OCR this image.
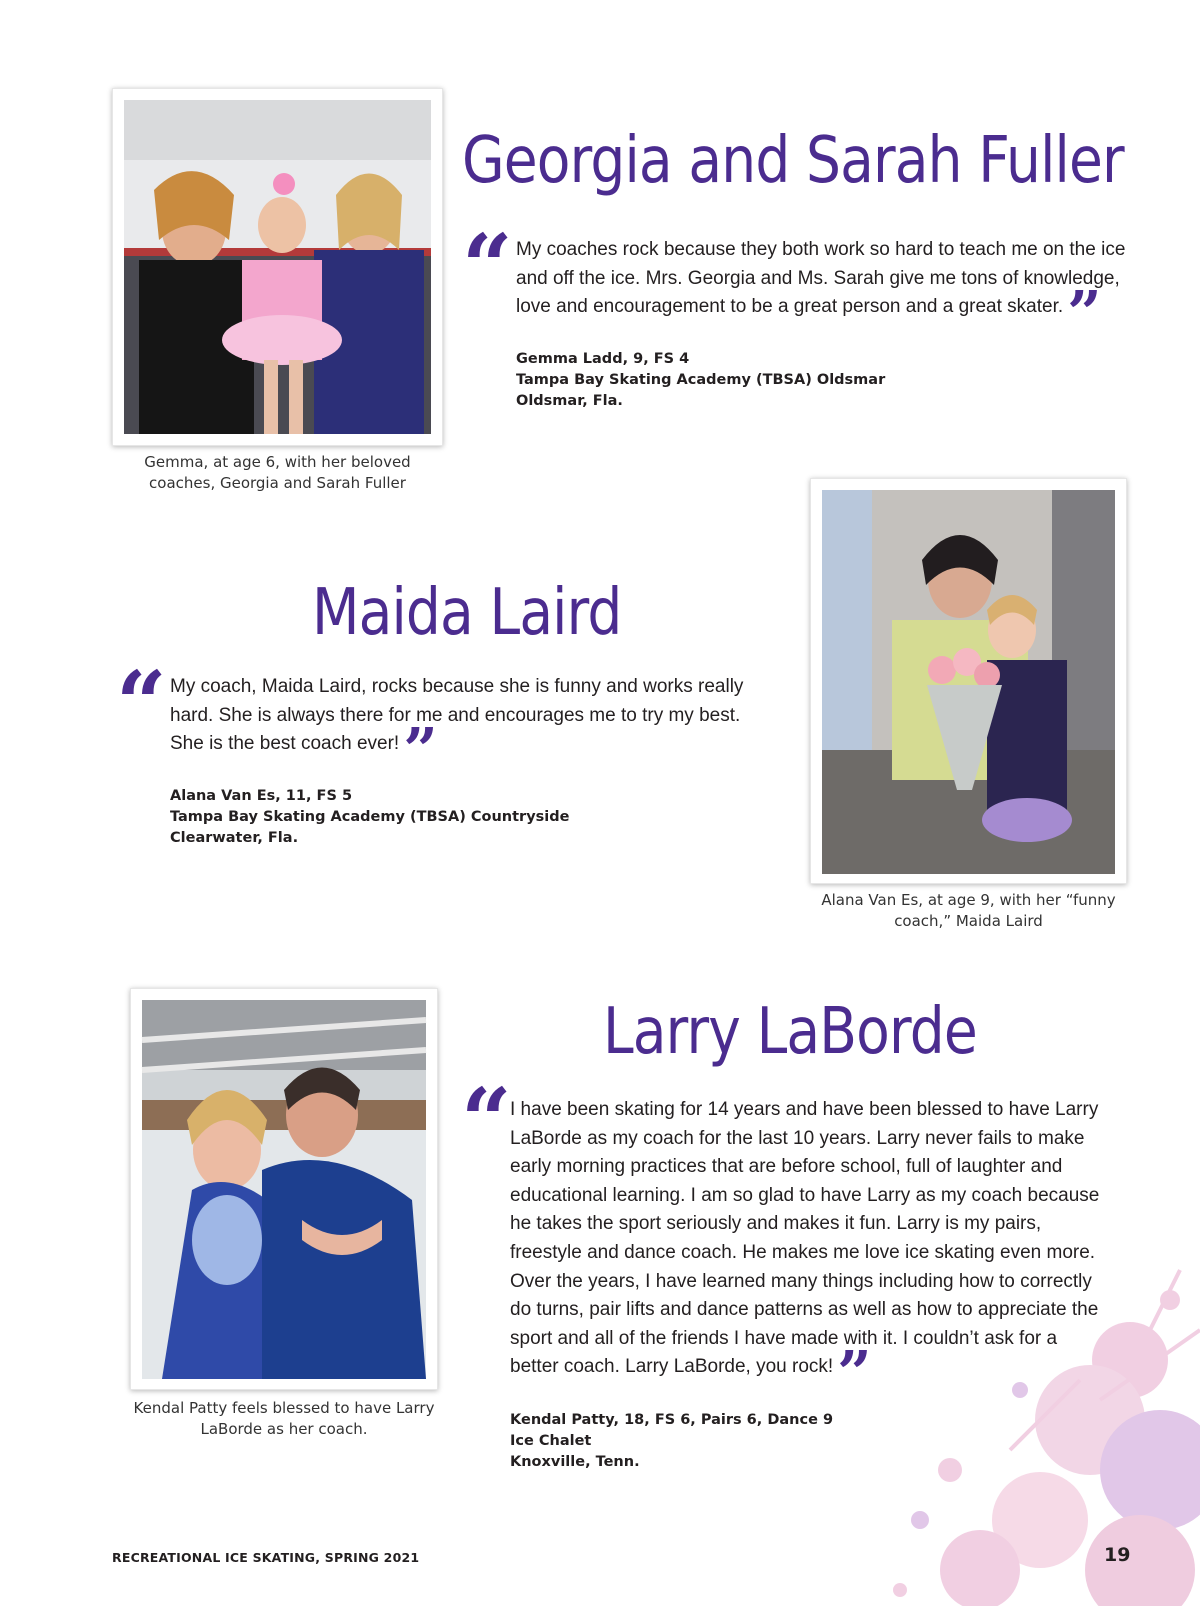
Gemma, at age 6, with her beloved
coaches, Georgia and Sarah Fuller
Georgia and Sarah Fuller
“ My coaches rock because they both work so hard to teach me on the ice and off the ice. Mrs. Georgia and Ms. Sarah give me tons of knowledge, love and encouragement to be a great person and a great skater.”

Gemma Ladd, 9, FS 4
Tampa Bay Skating Academy (TBSA) Oldsmar
Oldsmar, Fla.
Alana Van Es, at age 9, with her “funny
coach,” Maida Laird
Maida Laird
“ My coach, Maida Laird, rocks because she is funny and works really hard. She is always there for me and encourages me to try my best. She is the best coach ever!”

Alana Van Es, 11, FS 5
Tampa Bay Skating Academy (TBSA) Countryside
Clearwater, Fla.
Kendal Patty feels blessed to have Larry
LaBorde as her coach.
Larry LaBorde
“

I have been skating for 14 years and have been blessed to have Larry LaBorde as my coach for the last 10 years. Larry never fails to make early morning practices that are before school, full of laughter and educational learning. I am so glad to have Larry as my coach because he takes the sport seriously and makes it fun. Larry is my pairs, freestyle and dance coach. He makes me love ice skating even more. Over the years, I have learned many things including how to correctly do turns, pair lifts and dance patterns as well as how to appreciate the sport and all of the friends I have made with it. I couldn’t ask for a better coach. Larry LaBorde, you rock!”

Kendal Patty, 18, FS 6, Pairs 6, Dance 9
Ice Chalet
Knoxville, Tenn.
RECREATIONAL ICE SKATING, SPRING 2021	19
